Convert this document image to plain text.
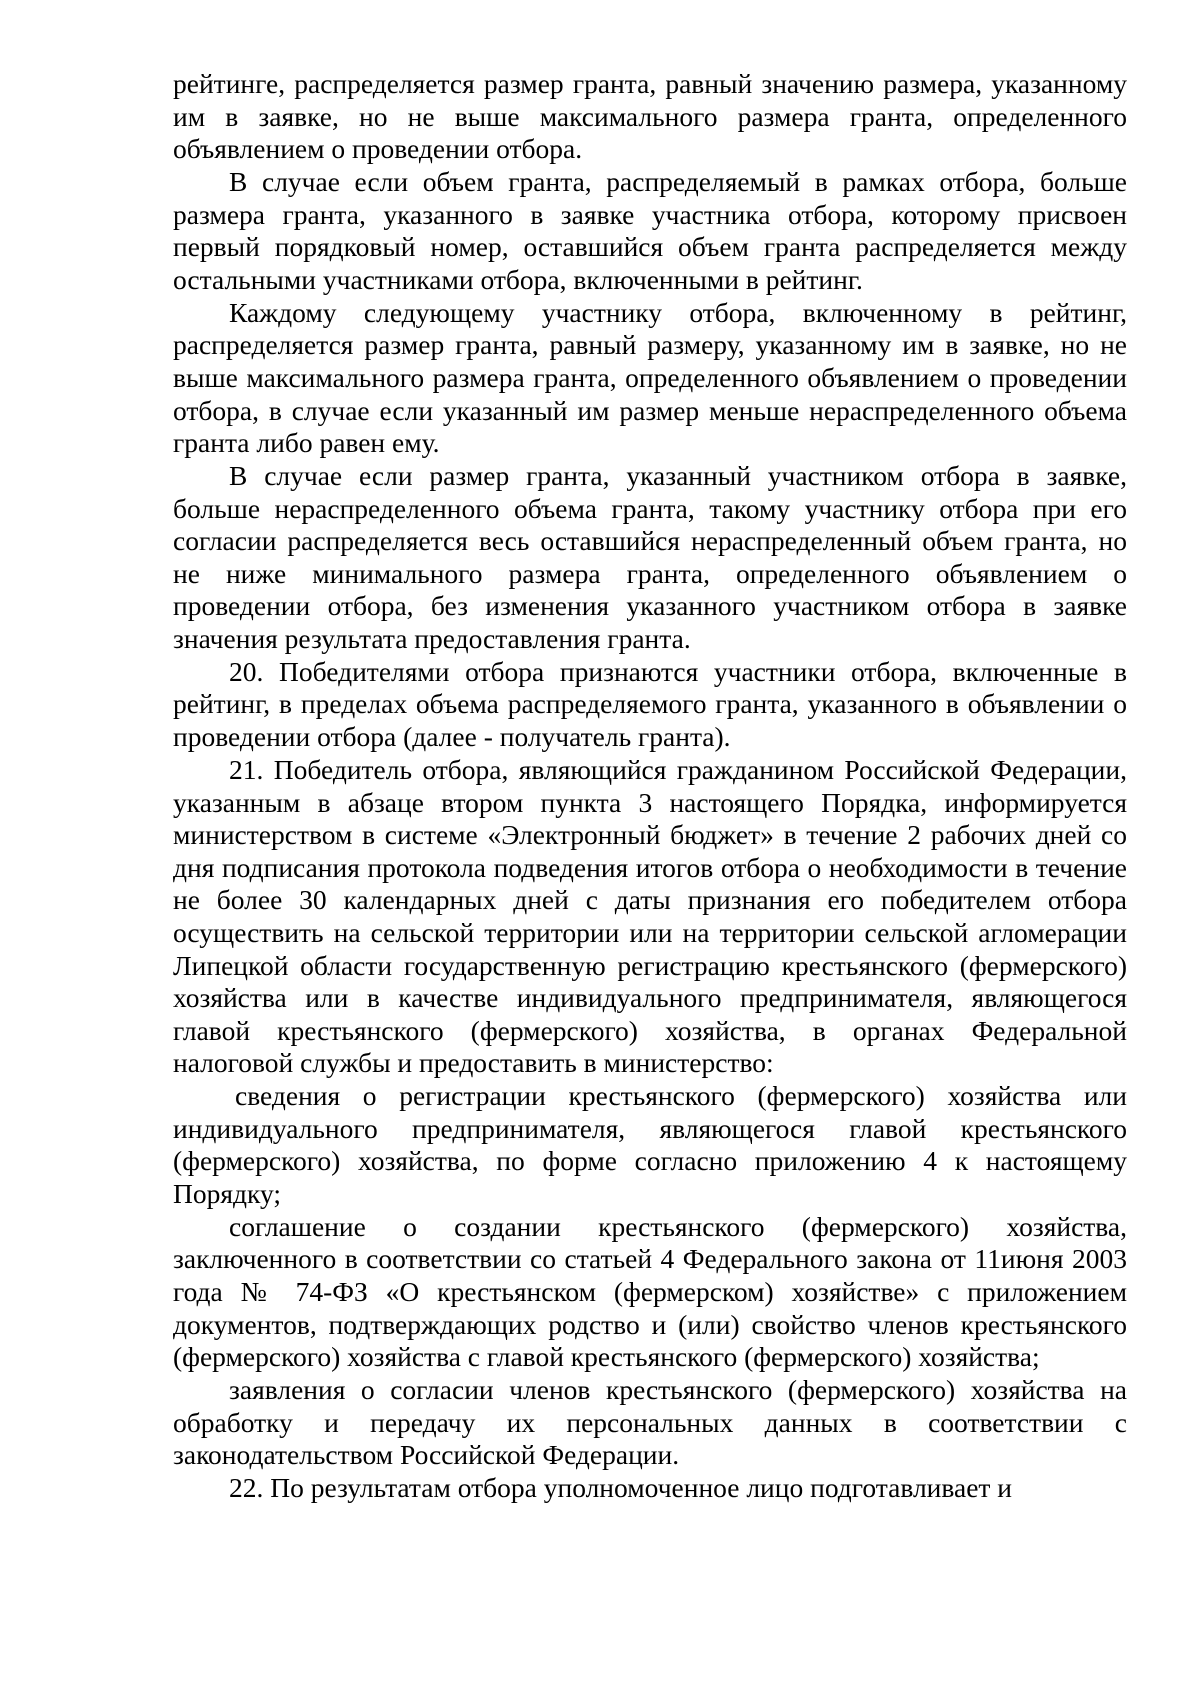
рейтинге, распределяется размер гранта, равный значению размера, указанному им в заявке, но не выше максимального размера гранта, определенного объявлением о проведении отбора.

В случае если объем гранта, распределяемый в рамках отбора, больше размера гранта, указанного в заявке участника отбора, которому присвоен первый порядковый номер, оставшийся объем гранта распределяется между остальными участниками отбора, включенными в рейтинг.

Каждому следующему участнику отбора, включенному в рейтинг, распределяется размер гранта, равный размеру, указанному им в заявке, но не выше максимального размера гранта, определенного объявлением о проведении отбора, в случае если указанный им размер меньше нераспределенного объема гранта либо равен ему.

В случае если размер гранта, указанный участником отбора в заявке, больше нераспределенного объема гранта, такому участнику отбора при его согласии распределяется весь оставшийся нераспределенный объем гранта, но не ниже минимального размера гранта, определенного объявлением о проведении отбора, без изменения указанного участником отбора в заявке значения результата предоставления гранта.

20. Победителями отбора признаются участники отбора, включенные в рейтинг, в пределах объема распределяемого гранта, указанного в объявлении о проведении отбора (далее - получатель гранта).

21. Победитель отбора, являющийся гражданином Российской Федерации, указанным в абзаце втором пункта 3 настоящего Порядка, информируется министерством в системе «Электронный бюджет» в течение 2 рабочих дней со дня подписания протокола подведения итогов отбора о необходимости в течение не более 30 календарных дней с даты признания его победителем отбора осуществить на сельской территории или на территории сельской агломерации Липецкой области государственную регистрацию крестьянского (фермерского) хозяйства или в качестве индивидуального предпринимателя, являющегося главой крестьянского (фермерского) хозяйства, в органах Федеральной налоговой службы и предоставить в министерство:

сведения о регистрации крестьянского (фермерского) хозяйства или индивидуального предпринимателя, являющегося главой крестьянского (фермерского) хозяйства, по форме согласно приложению 4 к настоящему Порядку;

соглашение о создании крестьянского (фермерского) хозяйства, заключенного в соответствии со статьей 4 Федерального закона от 11июня 2003 года № 74-ФЗ «О крестьянском (фермерском) хозяйстве» с приложением документов, подтверждающих родство и (или) свойство членов крестьянского (фермерского) хозяйства с главой крестьянского (фермерского) хозяйства;

заявления о согласии членов крестьянского (фермерского) хозяйства на обработку и передачу их персональных данных в соответствии с законодательством Российской Федерации.

22. По результатам отбора уполномоченное лицо подготавливает и
